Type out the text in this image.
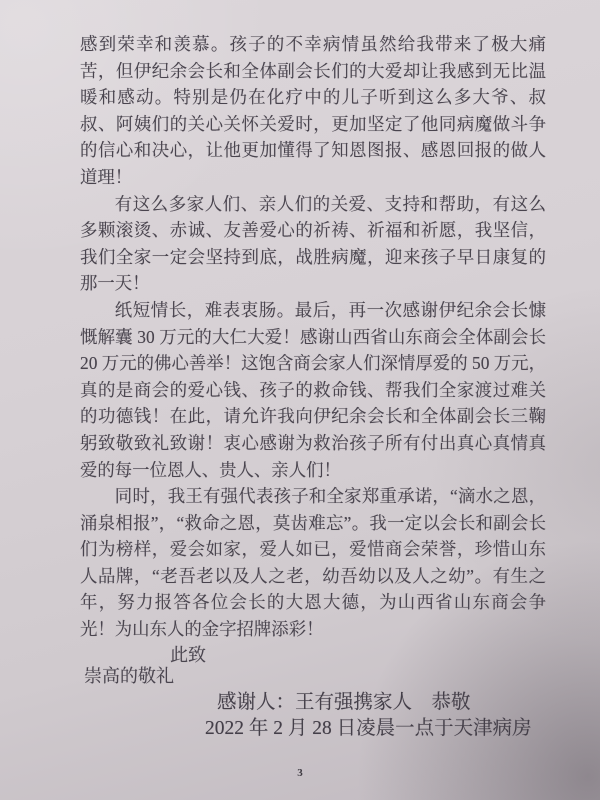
感到荣幸和羡慕。孩子的不幸病情虽然给我带来了极大痛苦，但伊纪余会长和全体副会长们的大爱却让我感到无比温暖和感动。特别是仍在化疗中的儿子听到这么多大爷、叔叔、阿姨们的关心关怀关爱时，更加坚定了他同病魔做斗争的信心和决心，让他更加懂得了知恩图报、感恩回报的做人道理！

有这么多家人们、亲人们的关爱、支持和帮助，有这么多颗滚烫、赤诚、友善爱心的祈祷、祈福和祈愿，我坚信，我们全家一定会坚持到底，战胜病魔，迎来孩子早日康复的那一天！

纸短情长，难表衷肠。最后，再一次感谢伊纪余会长慷慨解囊 30 万元的大仁大爱！感谢山西省山东商会全体副会长 20 万元的佛心善举！这饱含商会家人们深情厚爱的 50 万元，真的是商会的爱心钱、孩子的救命钱、帮我们全家渡过难关的功德钱！在此，请允许我向伊纪余会长和全体副会长三鞠躬致敬致礼致谢！衷心感谢为救治孩子所有付出真心真情真爱的每一位恩人、贵人、亲人们！

同时，我王有强代表孩子和全家郑重承诺，“滴水之恩，涌泉相报”，“救命之恩，莫齿难忘”。我一定以会长和副会长们为榜样，爱会如家，爱人如已，爱惜商会荣誉，珍惜山东人品牌，“老吾老以及人之老，幼吾幼以及人之幼”。有生之年，努力报答各位会长的大恩大德，为山西省山东商会争光！为山东人的金字招牌添彩！

此致
崇高的敬礼
感谢人：王有强携家人　恭敬
2022 年 2 月 28 日凌晨一点于天津病房
3
